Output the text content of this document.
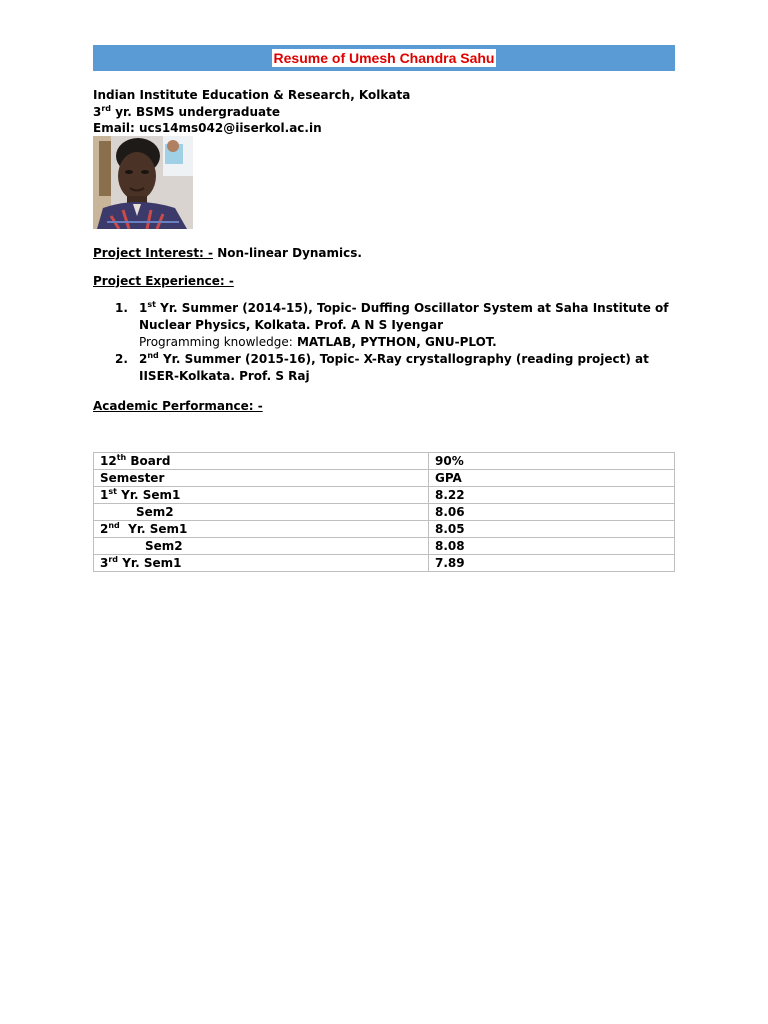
Resume of Umesh Chandra Sahu
Indian Institute Education & Research, Kolkata
3rd yr. BSMS undergraduate
Email: ucs14ms042@iiserkol.ac.in
Project Interest: - Non-linear Dynamics.
Project Experience: -
1. 1st Yr. Summer (2014-15), Topic- Duffing Oscillator System at Saha Institute of Nuclear Physics, Kolkata. Prof. A N S Iyengar
Programming knowledge: MATLAB, PYTHON, GNU-PLOT.
2. 2nd Yr. Summer (2015-16), Topic- X-Ray crystallography (reading project) at IISER-Kolkata. Prof. S Raj
Academic Performance: -
12th Board	90%
Semester	GPA
1st Yr. Sem1	8.22
Sem2	8.06
2nd  Yr. Sem1	8.05
Sem2	8.08
3rd Yr. Sem1	7.89
